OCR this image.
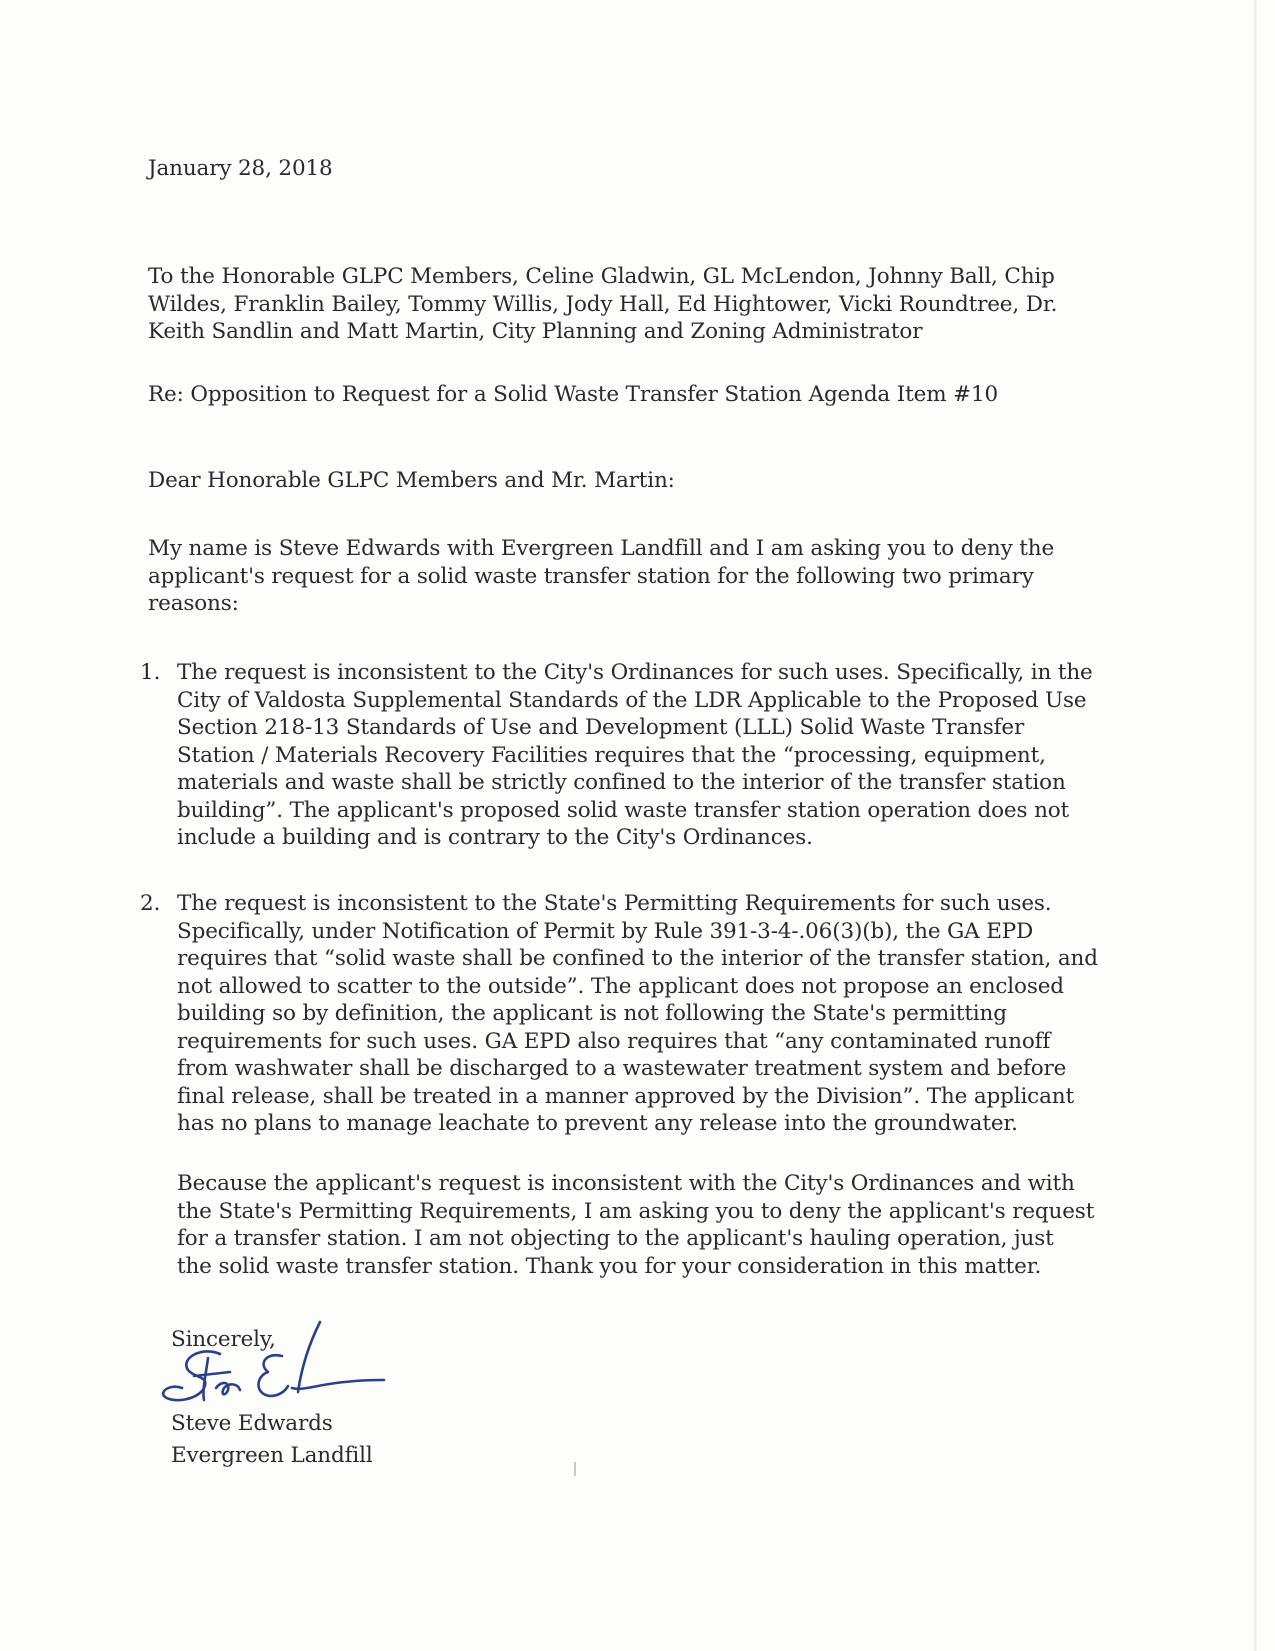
January 28, 2018

To the Honorable GLPC Members, Celine Gladwin, GL McLendon, Johnny Ball, Chip
Wildes, Franklin Bailey, Tommy Willis, Jody Hall, Ed Hightower, Vicki Roundtree, Dr.
Keith Sandlin and Matt Martin, City Planning and Zoning Administrator

Re: Opposition to Request for a Solid Waste Transfer Station Agenda Item #10

Dear Honorable GLPC Members and Mr. Martin:

My name is Steve Edwards with Evergreen Landfill and I am asking you to deny the
applicant's request for a solid waste transfer station for the following two primary
reasons:
1. The request is inconsistent to the City's Ordinances for such uses. Specifically, in the
City of Valdosta Supplemental Standards of the LDR Applicable to the Proposed Use
Section 218-13 Standards of Use and Development (LLL) Solid Waste Transfer
Station / Materials Recovery Facilities requires that the “processing, equipment,
materials and waste shall be strictly confined to the interior of the transfer station
building”. The applicant's proposed solid waste transfer station operation does not
include a building and is contrary to the City's Ordinances.
2. The request is inconsistent to the State's Permitting Requirements for such uses.
Specifically, under Notification of Permit by Rule 391-3-4-.06(3)(b), the GA EPD
requires that “solid waste shall be confined to the interior of the transfer station, and
not allowed to scatter to the outside”. The applicant does not propose an enclosed
building so by definition, the applicant is not following the State's permitting
requirements for such uses. GA EPD also requires that “any contaminated runoff
from washwater shall be discharged to a wastewater treatment system and before
final release, shall be treated in a manner approved by the Division”. The applicant
has no plans to manage leachate to prevent any release into the groundwater.
Because the applicant's request is inconsistent with the City's Ordinances and with
the State's Permitting Requirements, I am asking you to deny the applicant's request
for a transfer station. I am not objecting to the applicant's hauling operation, just
the solid waste transfer station. Thank you for your consideration in this matter.

Sincerely,

Steve Edwards

Evergreen Landfill
